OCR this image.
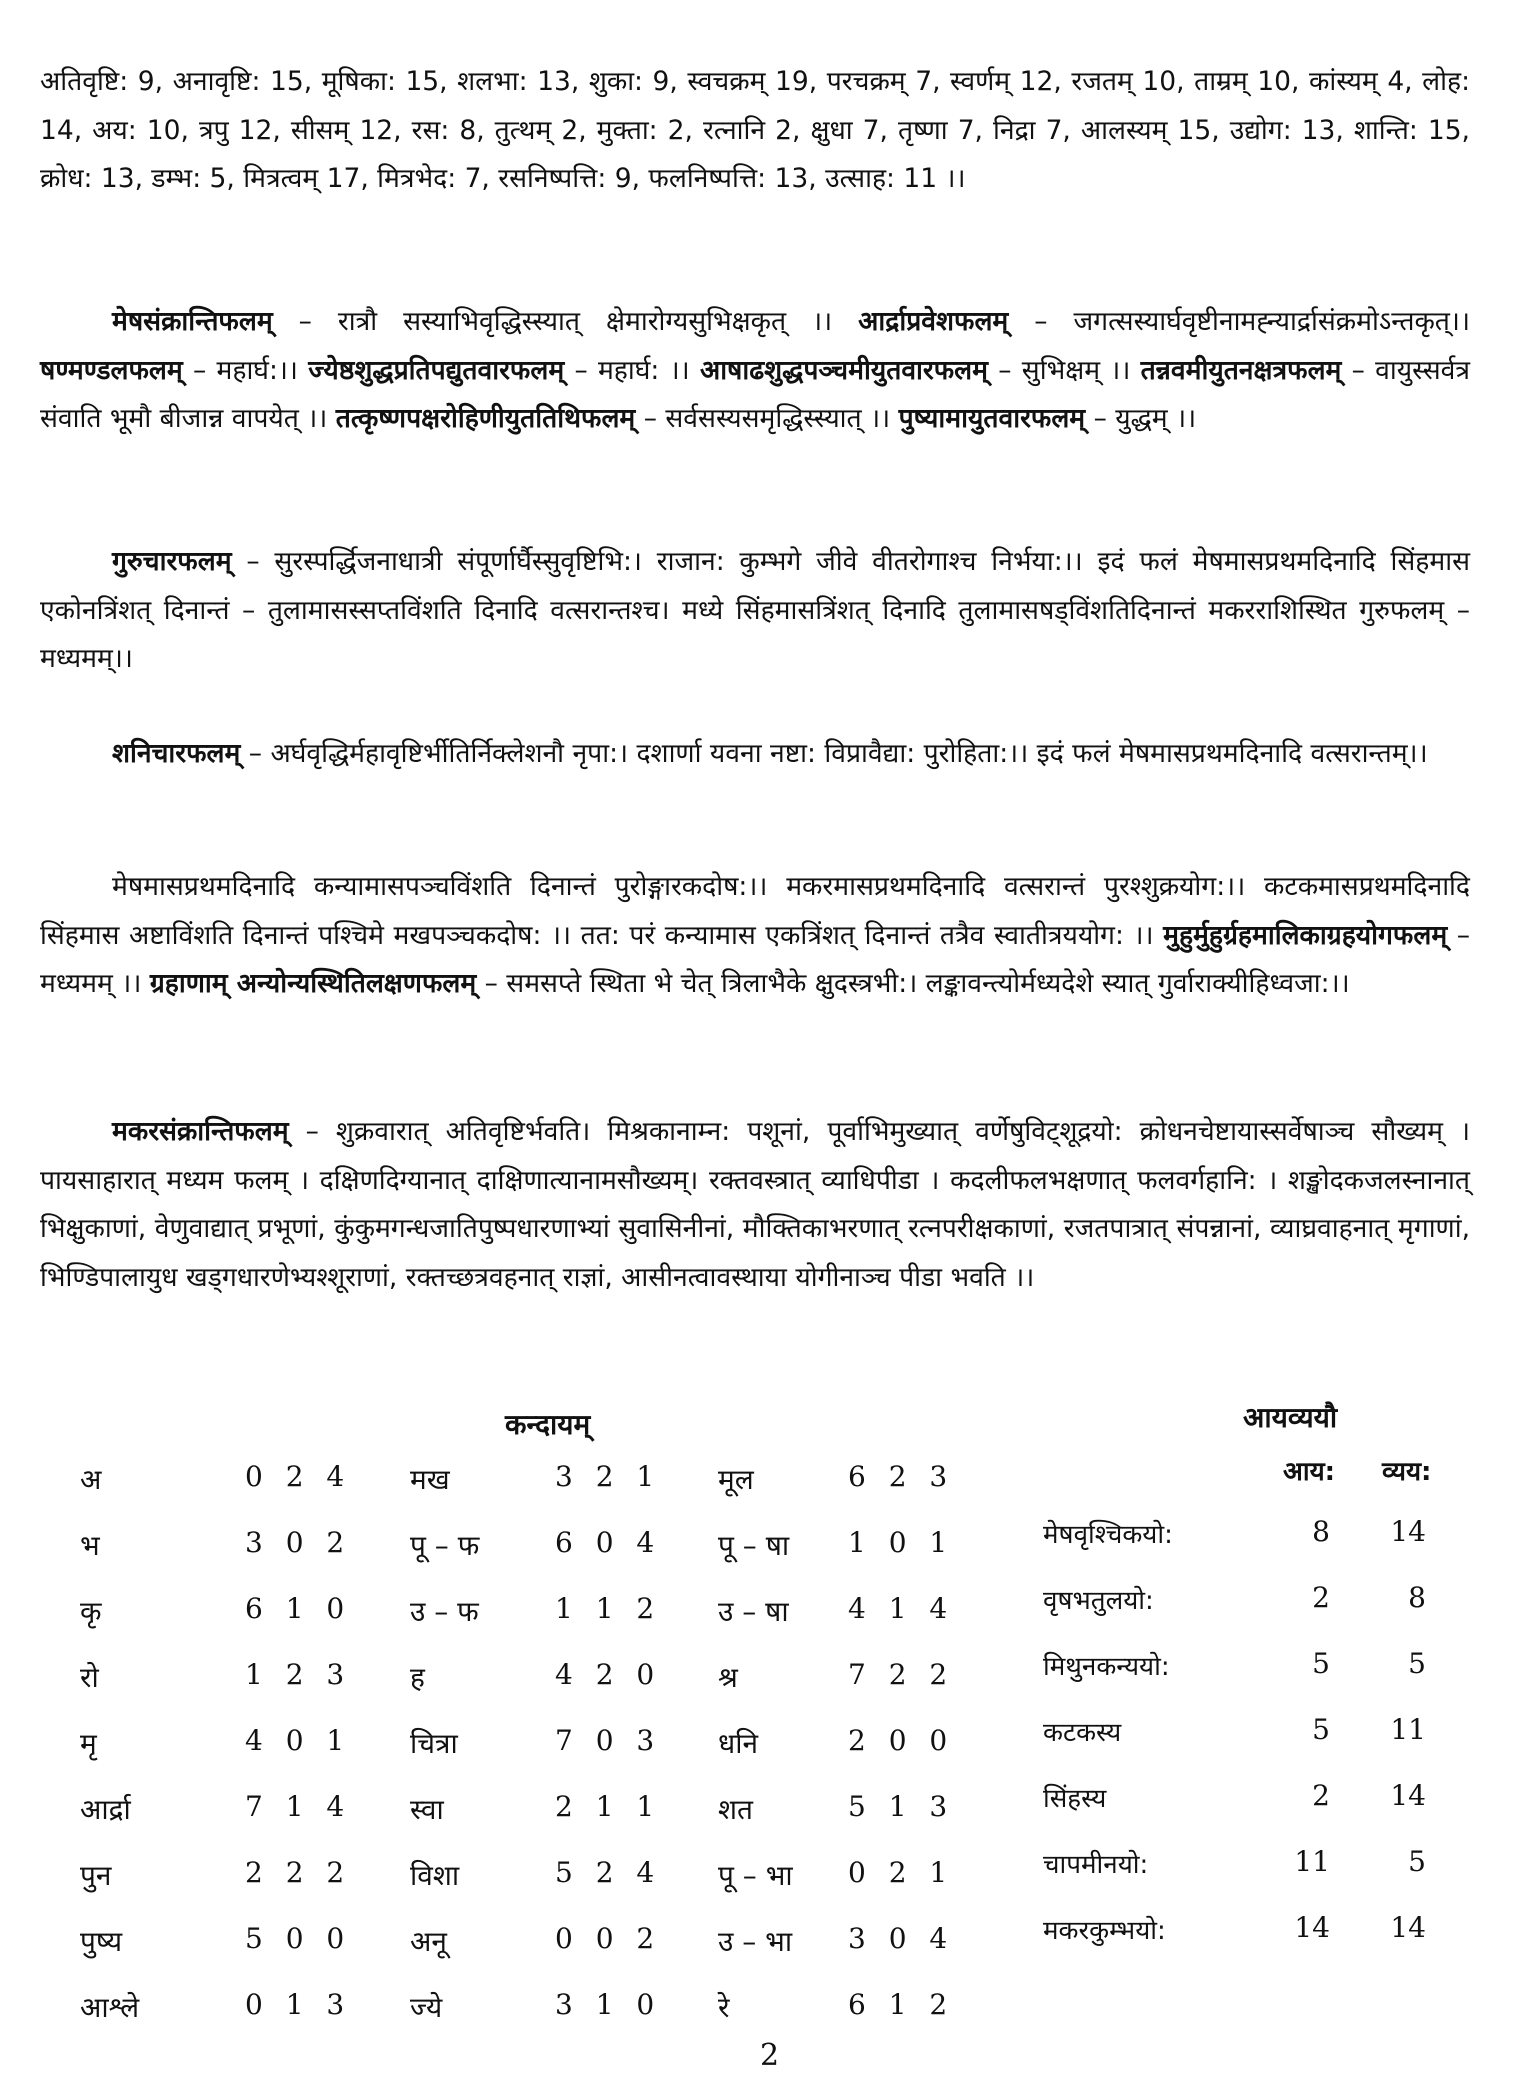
अतिवृष्टि: 9, अनावृष्टि: 15, मूषिका: 15, शलभा: 13, शुका: 9, स्वचक्रम् 19, परचक्रम् 7, स्वर्णम् 12, रजतम् 10, ताम्रम् 10, कांस्यम् 4, लोह: 14, अय: 10, त्रपु 12, सीसम् 12, रस: 8, तुत्थम् 2, मुक्ता: 2, रत्नानि 2, क्षुधा 7, तृष्णा 7, निद्रा 7, आलस्यम् 15, उद्योग: 13, शान्ति: 15, क्रोध: 13, डम्भ: 5, मित्रत्वम् 17, मित्रभेद: 7, रसनिष्पत्ति: 9, फलनिष्पत्ति: 13, उत्साह: 11 ।।

मेषसंक्रान्तिफलम् – रात्रौ सस्याभिवृद्धिस्स्यात् क्षेमारोग्यसुभिक्षकृत् ।। आर्द्राप्रवेशफलम् – जगत्सस्यार्घवृष्टीनामह्न्यार्द्रासंक्रमोऽन्तकृत्।। षण्मण्डलफलम् – महार्घ:।। ज्येष्ठशुद्धप्रतिपद्युतवारफलम् – महार्घ: ।। आषाढशुद्धपञ्चमीयुतवारफलम् – सुभिक्षम् ।। तन्नवमीयुतनक्षत्रफलम् – वायुस्सर्वत्र संवाति भूमौ बीजान्न वापयेत् ।। तत्कृष्णपक्षरोहिणीयुततिथिफलम् – सर्वसस्यसमृद्धिस्स्यात् ।। पुष्यामायुतवारफलम् – युद्धम् ।।

गुरुचारफलम् – सुरस्पर्द्धिजनाधात्री संपूर्णार्घैस्सुवृष्टिभि:। राजान: कुम्भगे जीवे वीतरोगाश्च निर्भया:।। इदं फलं मेषमासप्रथमदिनादि सिंहमास एकोनत्रिंशत् दिनान्तं – तुलामासस्सप्तविंशति दिनादि वत्सरान्तश्च। मध्ये सिंहमासत्रिंशत् दिनादि तुलामासषड्विंशतिदिनान्तं मकरराशिस्थित गुरुफलम् – मध्यमम्।।

शनिचारफलम् – अर्घवृद्धिर्महावृष्टिर्भीतिर्निक्लेशनौ नृपा:। दशार्णा यवना नष्टा: विप्रावैद्या: पुरोहिता:।। इदं फलं मेषमासप्रथमदिनादि वत्सरान्तम्।।

मेषमासप्रथमदिनादि कन्यामासपञ्चविंशति दिनान्तं पुरोङ्गारकदोष:।। मकरमासप्रथमदिनादि वत्सरान्तं पुरश्शुक्रयोग:।। कटकमासप्रथमदिनादि सिंहमास अष्टाविंशति दिनान्तं पश्चिमे मखपञ्चकदोष: ।। तत: परं कन्यामास एकत्रिंशत् दिनान्तं तत्रैव स्वातीत्रययोग: ।। मुहुर्मुहुर्ग्रहमालिकाग्रहयोगफलम् – मध्यमम् ।। ग्रहाणाम् अन्योन्यस्थितिलक्षणफलम् – समसप्ते स्थिता भे चेत् त्रिलाभैके क्षुदस्त्रभी:। लङ्कावन्त्योर्मध्यदेशे स्यात् गुर्वाराक्यीहिध्वजा:।।

मकरसंक्रान्तिफलम् – शुक्रवारात् अतिवृष्टिर्भवति। मिश्रकानाम्न: पशूनां, पूर्वाभिमुख्यात् वर्णेषुविट्शूद्रयो: क्रोधनचेष्टायास्सर्वेषाञ्च सौख्यम् । पायसाहारात् मध्यम फलम् । दक्षिणदिग्यानात् दाक्षिणात्यानामसौख्यम्। रक्तवस्त्रात् व्याधिपीडा । कदलीफलभक्षणात् फलवर्गहानि: । शङ्खोदकजलस्नानात् भिक्षुकाणां, वेणुवाद्यात् प्रभूणां, कुंकुमगन्धजातिपुष्पधारणाभ्यां सुवासिनीनां, मौक्तिकाभरणात् रत्नपरीक्षकाणां, रजतपात्रात् संपन्नानां, व्याघ्रवाहनात् मृगाणां, भिण्डिपालायुध खड्गधारणेभ्यश्शूराणां, रक्तच्छत्रवहनात् राज्ञां, आसीनत्वावस्थाया योगीनाञ्च पीडा भवति ।।

कन्दायम्
अ	0 2 4
भ	3 0 2
कृ	6 1 0
रो	1 2 3
मृ	4 0 1
आर्द्रा	7 1 4
पुन	2 2 2
पुष्य	5 0 0
आश्ले	0 1 3
मख	3 2 1
पू – फ	6 0 4
उ – फ	1 1 2
ह	4 2 0
चित्रा	7 0 3
स्वा	2 1 1
विशा	5 2 4
अनू	0 0 2
ज्ये	3 1 0
मूल	6 2 3
पू – षा 1 0 1
उ – षा 4 1 4
श्र	7 2 2
धनि	2 0 0
शत	5 1 3
पू – भा 0 2 1
उ – भा 3 0 4
रे	6 1 2
आयव्ययौ
आय: व्यय:
मेषवृश्चिकयो:	8 14
वृषभतुलयो:	2	8
मिथुनकन्ययो:	5	5
कटकस्य	5 11
सिंहस्य	2 14
चापमीनयो:	11	5
मकरकुम्भयो:	14 14
2
